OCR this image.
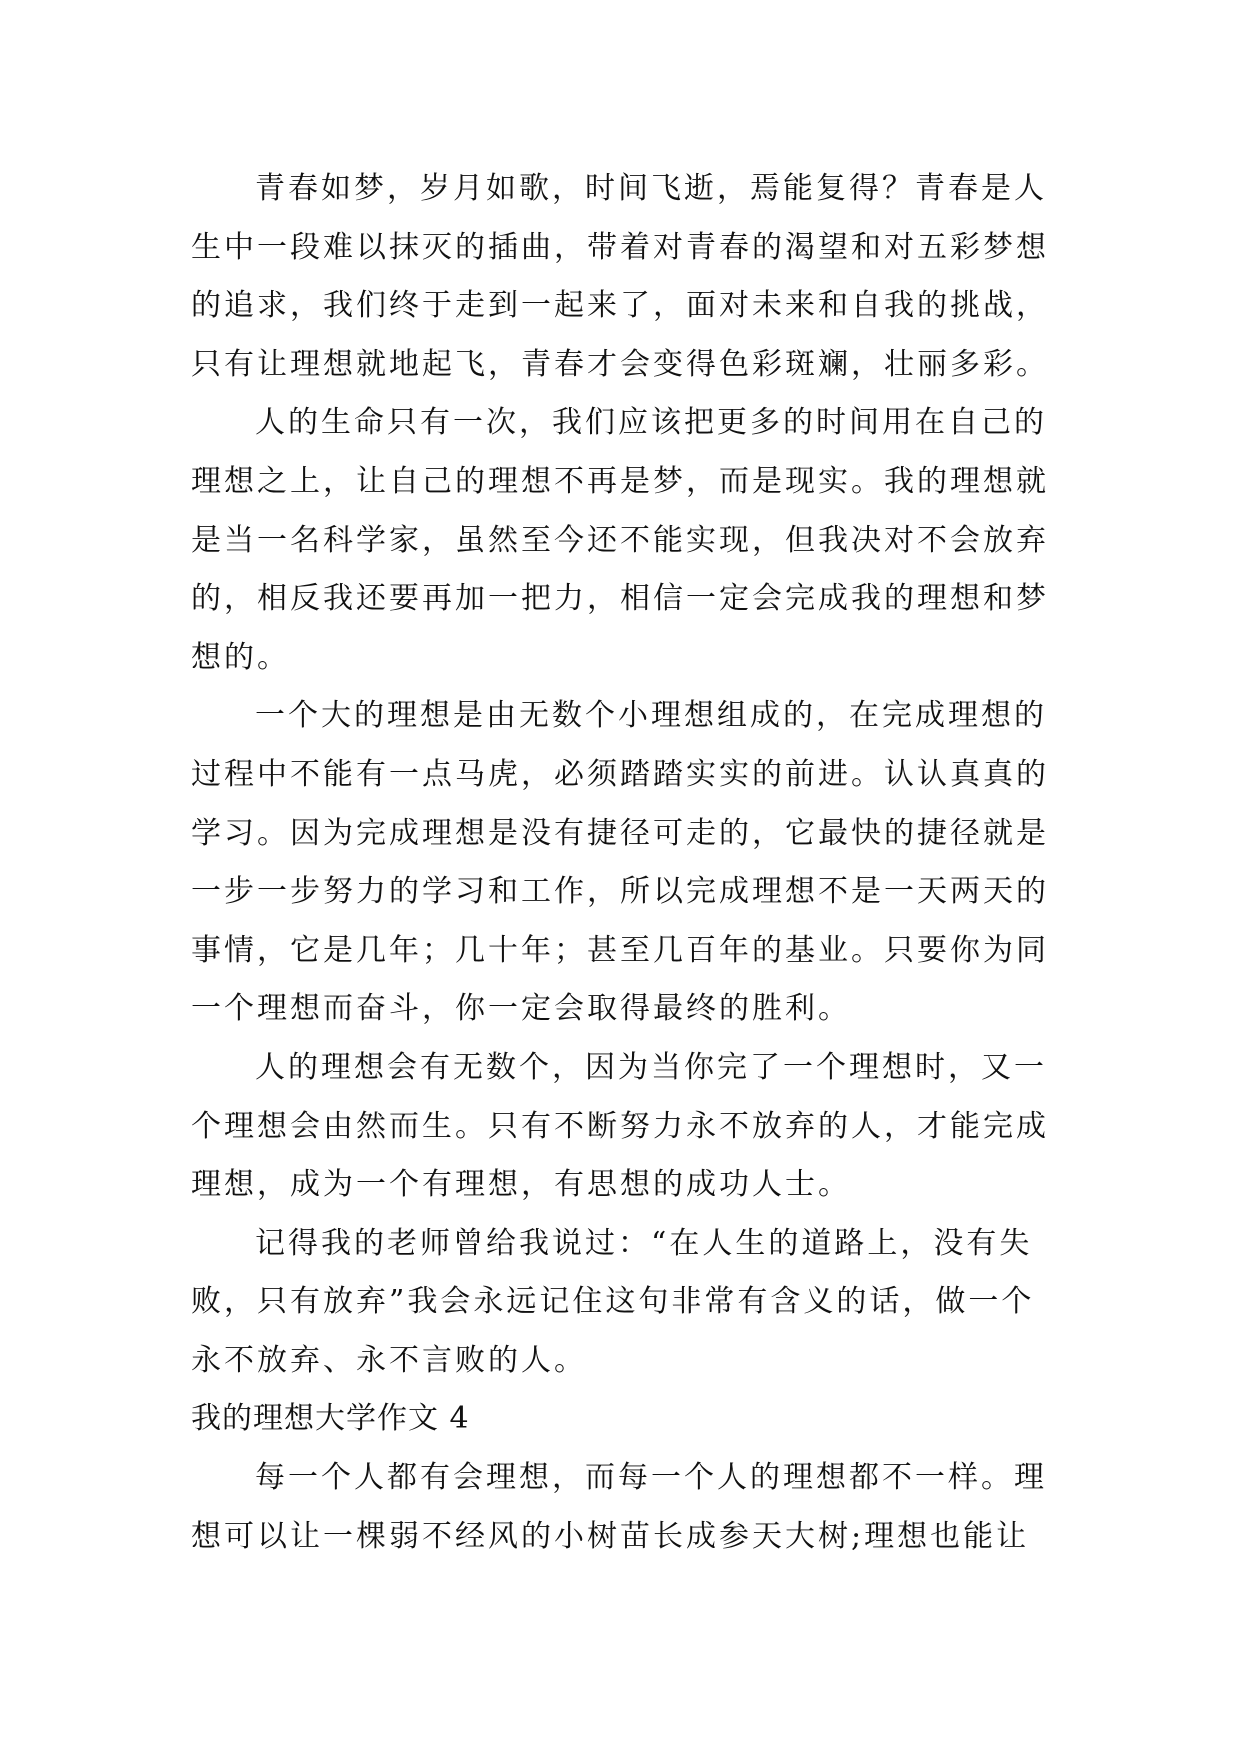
青春如梦，岁月如歌，时间飞逝，焉能复得？青春是人
生中一段难以抹灭的插曲，带着对青春的渴望和对五彩梦想
的追求，我们终于走到一起来了，面对未来和自我的挑战，
只有让理想就地起飞，青春才会变得色彩斑斓，壮丽多彩。
人的生命只有一次，我们应该把更多的时间用在自己的
理想之上，让自己的理想不再是梦，而是现实。我的理想就
是当一名科学家，虽然至今还不能实现，但我决对不会放弃
的，相反我还要再加一把力，相信一定会完成我的理想和梦
想的。
一个大的理想是由无数个小理想组成的，在完成理想的
过程中不能有一点马虎，必须踏踏实实的前进。认认真真的
学习。因为完成理想是没有捷径可走的，它最快的捷径就是
一步一步努力的学习和工作，所以完成理想不是一天两天的
事情，它是几年；几十年；甚至几百年的基业。只要你为同
一个理想而奋斗，你一定会取得最终的胜利。
人的理想会有无数个，因为当你完了一个理想时，又一
个理想会由然而生。只有不断努力永不放弃的人，才能完成
理想，成为一个有理想，有思想的成功人士。
记得我的老师曾给我说过：“在人生的道路上，没有失
败，只有放弃”我会永远记住这句非常有含义的话，做一个
永不放弃、永不言败的人。
我的理想大学作文 4
每一个人都有会理想，而每一个人的理想都不一样。理
想可以让一棵弱不经风的小树苗长成参天大树;理想也能让
